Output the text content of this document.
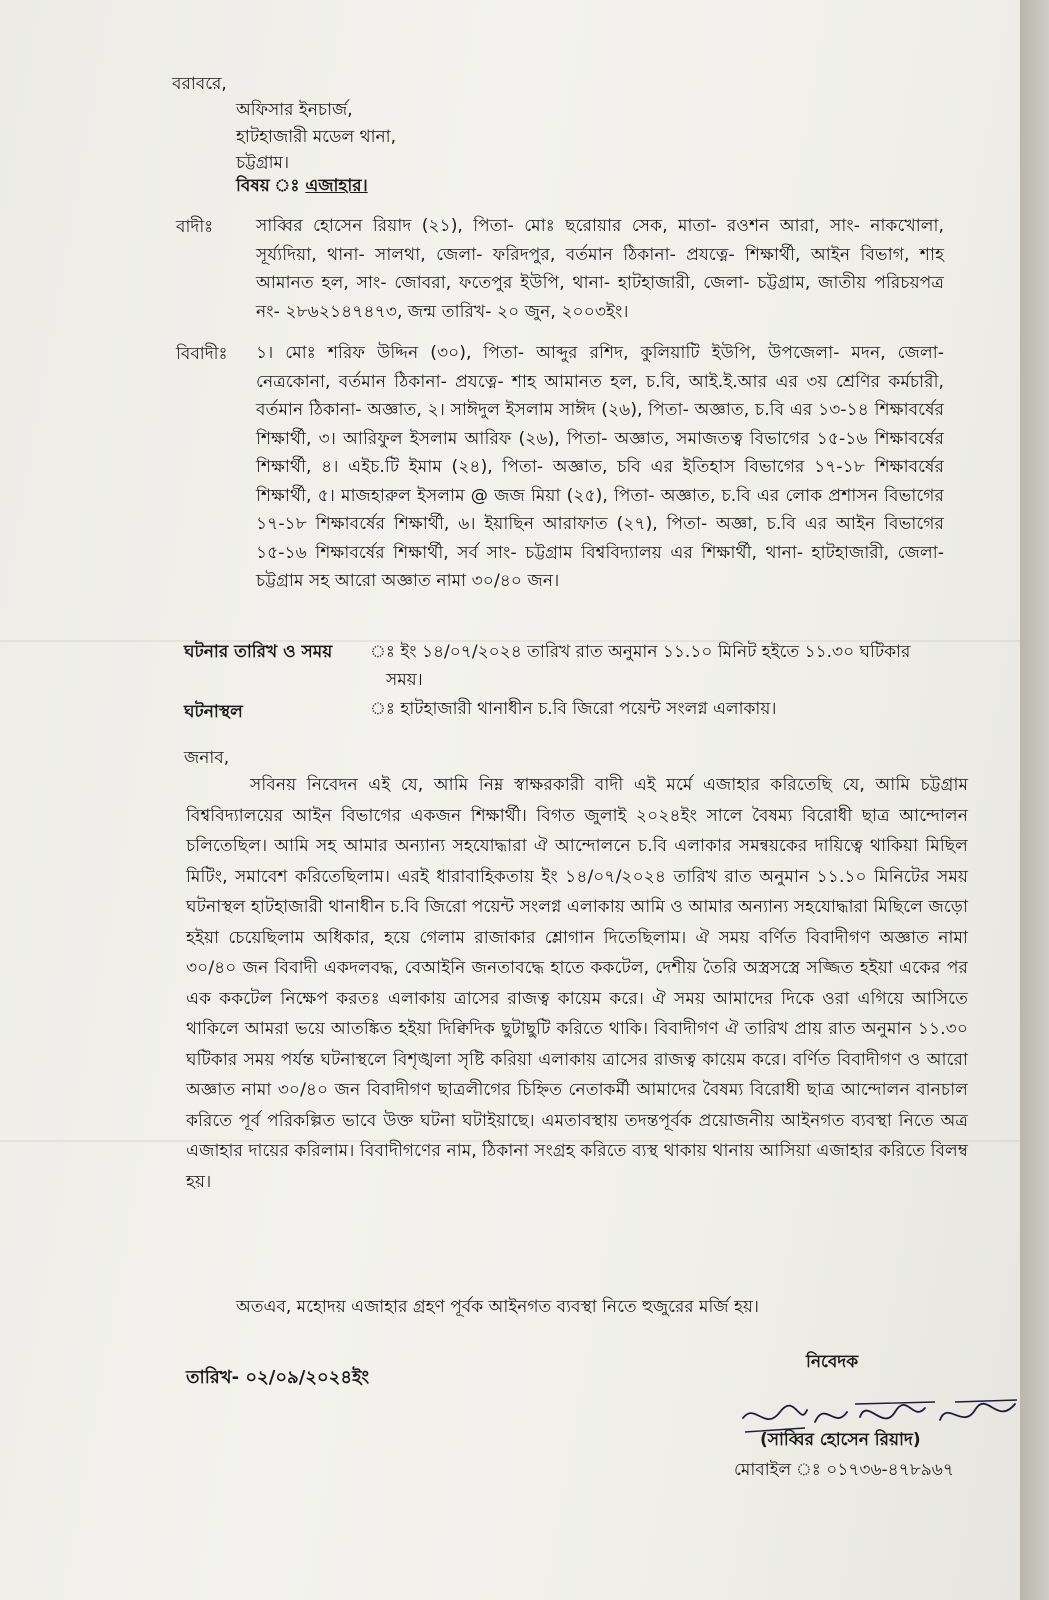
বরাবরে,
অফিসার ইনচার্জ,
হাটহাজারী মডেল থানা,
চট্টগ্রাম।
বিষয় ঃ এজাহার।
বাদীঃ সাব্বির হোসেন রিয়াদ (২১), পিতা- মোঃ ছরোয়ার সেক, মাতা- রওশন আরা, সাং- নাকখোলা, সূর্য্যদিয়া, থানা- সালথা, জেলা- ফরিদপুর, বর্তমান ঠিকানা- প্রযত্নে- শিক্ষার্থী, আইন বিভাগ, শাহ আমানত হল, সাং- জোবরা, ফতেপুর ইউপি, থানা- হাটহাজারী, জেলা- চট্টগ্রাম, জাতীয় পরিচয়পত্র নং- ২৮৬২১৪৭৪৭৩, জন্ম তারিখ- ২০ জুন, ২০০৩ইং।
বিবাদীঃ ১। মোঃ শরিফ উদ্দিন (৩০), পিতা- আব্দুর রশিদ, কুলিয়াটি ইউপি, উপজেলা- মদন, জেলা- নেত্রকোনা, বর্তমান ঠিকানা- প্রযত্নে- শাহ আমানত হল, চ.বি, আই.ই.আর এর ৩য় শ্রেণির কর্মচারী, বর্তমান ঠিকানা- অজ্ঞাত, ২। সাঈদুল ইসলাম সাঈদ (২৬), পিতা- অজ্ঞাত, চ.বি এর ১৩-১৪ শিক্ষাবর্ষের শিক্ষার্থী, ৩। আরিফুল ইসলাম আরিফ (২৬), পিতা- অজ্ঞাত, সমাজতত্ব বিভাগের ১৫-১৬ শিক্ষাবর্ষের শিক্ষার্থী, ৪। এইচ.টি ইমাম (২৪), পিতা- অজ্ঞাত, চবি এর ইতিহাস বিভাগের ১৭-১৮ শিক্ষাবর্ষের শিক্ষার্থী, ৫। মাজহারুল ইসলাম @ জজ মিয়া (২৫), পিতা- অজ্ঞাত, চ.বি এর লোক প্রশাসন বিভাগের ১৭-১৮ শিক্ষাবর্ষের শিক্ষার্থী, ৬। ইয়াছিন আরাফাত (২৭), পিতা- অজ্ঞা, চ.বি এর আইন বিভাগের ১৫-১৬ শিক্ষাবর্ষের শিক্ষার্থী, সর্ব সাং- চট্টগ্রাম বিশ্ববিদ্যালয় এর শিক্ষার্থী, থানা- হাটহাজারী, জেলা- চট্টগ্রাম সহ আরো অজ্ঞাত নামা ৩০/৪০ জন।
ঘটনার তারিখ ও সময় ঃ ইং ১৪/০৭/২০২৪ তারিখ রাত অনুমান ১১.১০ মিনিট হইতে ১১.৩০ ঘটিকার
সময়।
ঘটনাস্থল	ঃ হাটহাজারী থানাধীন চ.বি জিরো পয়েন্ট সংলগ্ন এলাকায়।
জনাব,
সবিনয় নিবেদন এই যে, আমি নিম্ন স্বাক্ষরকারী বাদী এই মর্মে এজাহার করিতেছি যে, আমি চট্টগ্রাম বিশ্ববিদ্যালয়ের আইন বিভাগের একজন শিক্ষার্থী। বিগত জুলাই ২০২৪ইং সালে বৈষম্য বিরোধী ছাত্র আন্দোলন চলিতেছিল। আমি সহ আমার অন্যান্য সহযোদ্ধারা ঐ আন্দোলনে চ.বি এলাকার সমন্বয়কের দায়িত্বে থাকিয়া মিছিল মিটিং, সমাবেশ করিতেছিলাম। এরই ধারাবাহিকতায় ইং ১৪/০৭/২০২৪ তারিখ রাত অনুমান ১১.১০ মিনিটের সময় ঘটনাস্থল হাটহাজারী থানাধীন চ.বি জিরো পয়েন্ট সংলগ্ন এলাকায় আমি ও আমার অন্যান্য সহযোদ্ধারা মিছিলে জড়ো হইয়া চেয়েছিলাম অধিকার, হয়ে গেলাম রাজাকার শ্লোগান দিতেছিলাম। ঐ সময় বর্ণিত বিবাদীগণ অজ্ঞাত নামা ৩০/৪০ জন বিবাদী একদলবদ্ধ, বেআইনি জনতাবদ্ধে হাতে ককটেল, দেশীয় তৈরি অস্ত্রসস্ত্রে সজ্জিত হইয়া একের পর এক ককটেল নিক্ষেপ করতঃ এলাকায় ত্রাসের রাজত্ব কায়েম করে। ঐ সময় আমাদের দিকে ওরা এগিয়ে আসিতে থাকিলে আমরা ভয়ে আতঙ্কিত হইয়া দিক্বিদিক ছুটাছুটি করিতে থাকি। বিবাদীগণ ঐ তারিখ প্রায় রাত অনুমান ১১.৩০ ঘটিকার সময় পর্যন্ত ঘটনাস্থলে বিশৃঙ্খলা সৃষ্টি করিয়া এলাকায় ত্রাসের রাজত্ব কায়েম করে। বর্ণিত বিবাদীগণ ও আরো অজ্ঞাত নামা ৩০/৪০ জন বিবাদীগণ ছাত্রলীগের চিহ্নিত নেতাকর্মী আমাদের বৈষম্য বিরোধী ছাত্র আন্দোলন বানচাল করিতে পূর্ব পরিকল্পিত ভাবে উক্ত ঘটনা ঘটাইয়াছে। এমতাবস্থায় তদন্তপূর্বক প্রয়োজনীয় আইনগত ব্যবস্থা নিতে অত্র এজাহার দায়ের করিলাম। বিবাদীগণের নাম, ঠিকানা সংগ্রহ করিতে ব্যস্থ থাকায় থানায় আসিয়া এজাহার করিতে বিলম্ব হয়।
অতএব, মহোদয় এজাহার গ্রহণ পূর্বক আইনগত ব্যবস্থা নিতে হুজুরের মর্জি হয়।
তারিখ- ০২/০৯/২০২৪ইং
নিবেদক
(সাব্বির হোসেন রিয়াদ)
মোবাইল ঃ ০১৭৩৬-৪৭৮৯৬৭
